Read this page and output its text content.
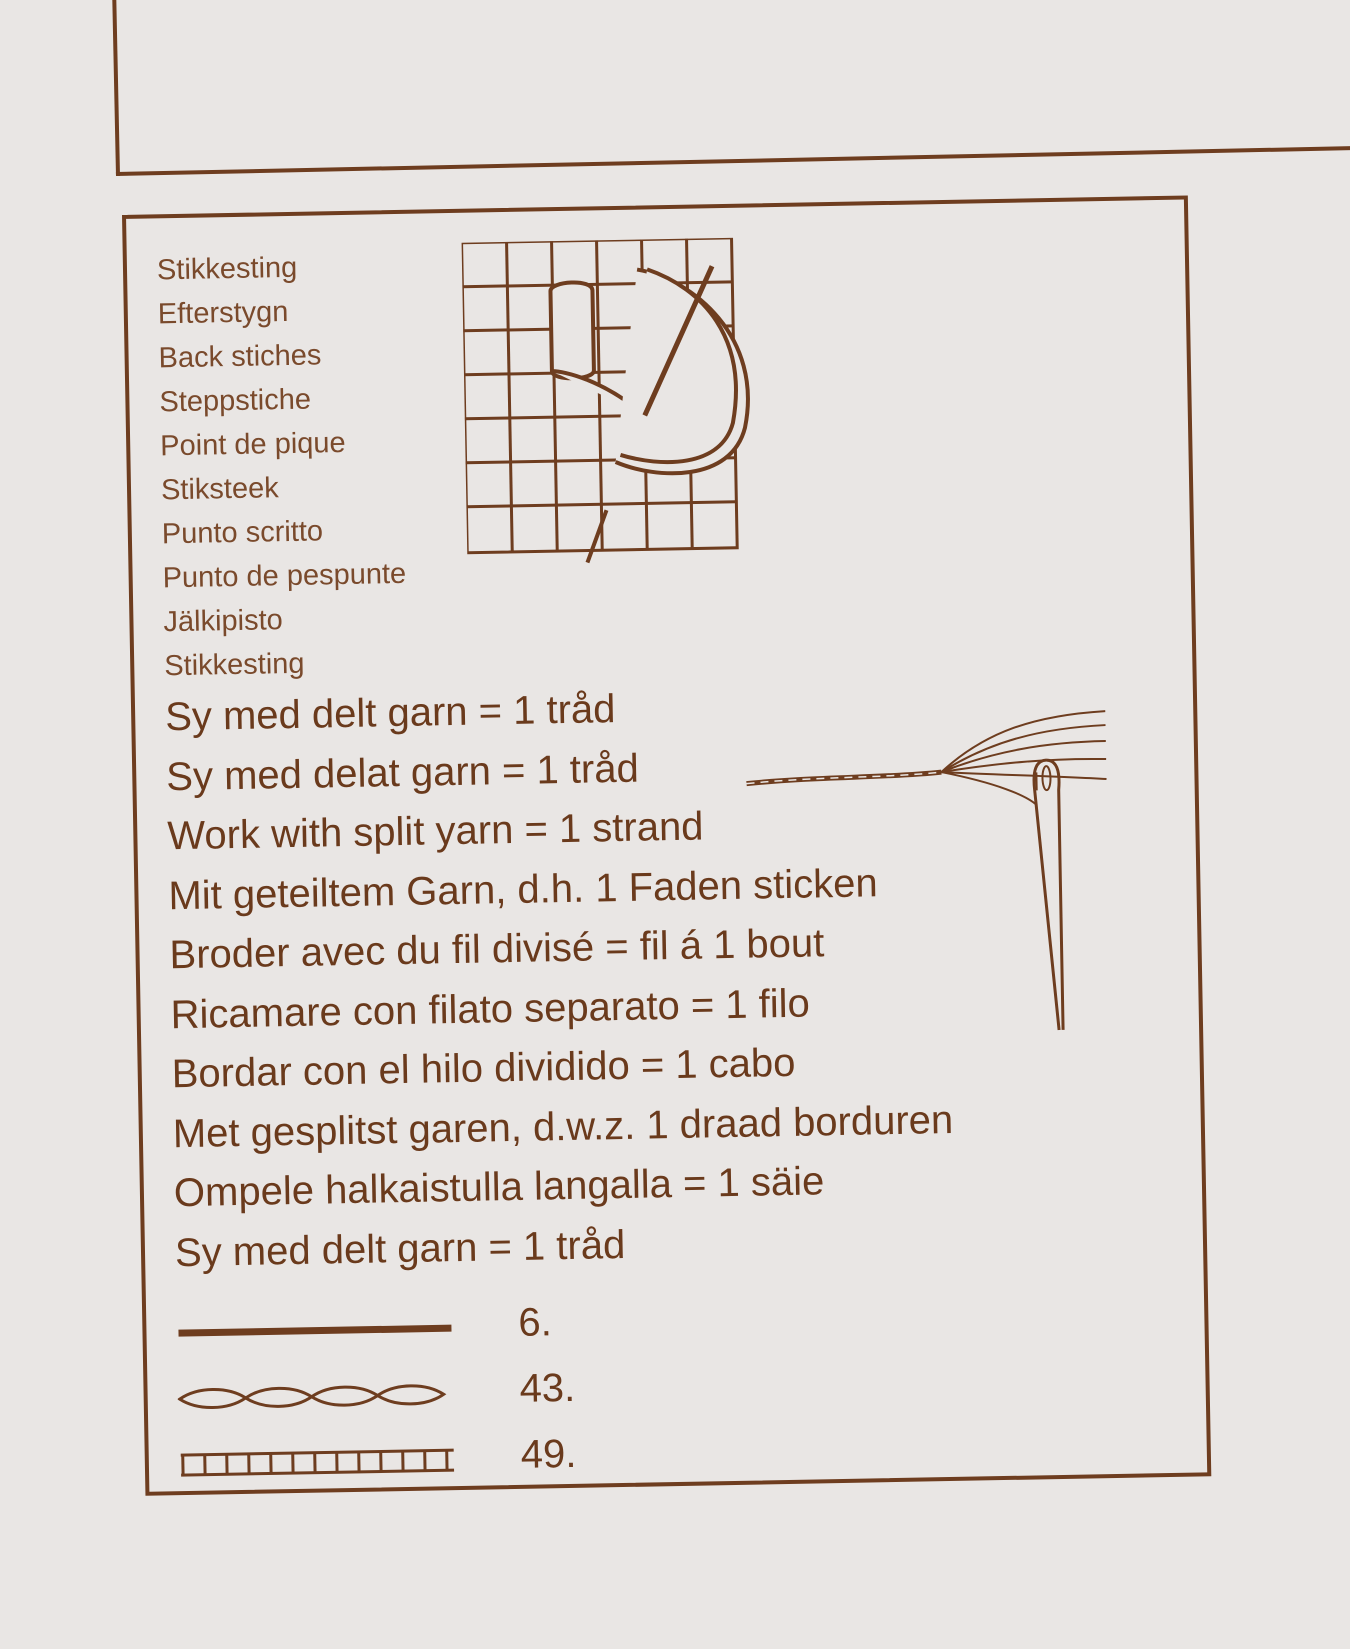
Stikkesting
Efterstygn
Back stiches
Steppstiche
Point de pique
Stiksteek
Punto scritto
Punto de pespunte
Jälkipisto
Stikkesting
Sy med delt garn = 1 tråd
Sy med delat garn = 1 tråd
Work with split yarn = 1 strand
Mit geteiltem Garn, d.h. 1 Faden sticken
Broder avec du fil divisé = fil á 1 bout
Ricamare con filato separato = 1 filo
Bordar con el hilo dividido = 1 cabo
Met gesplitst garen, d.w.z. 1 draad borduren
Ompele halkaistulla langalla = 1 säie
Sy med delt garn = 1 tråd
6.
43.
49.
